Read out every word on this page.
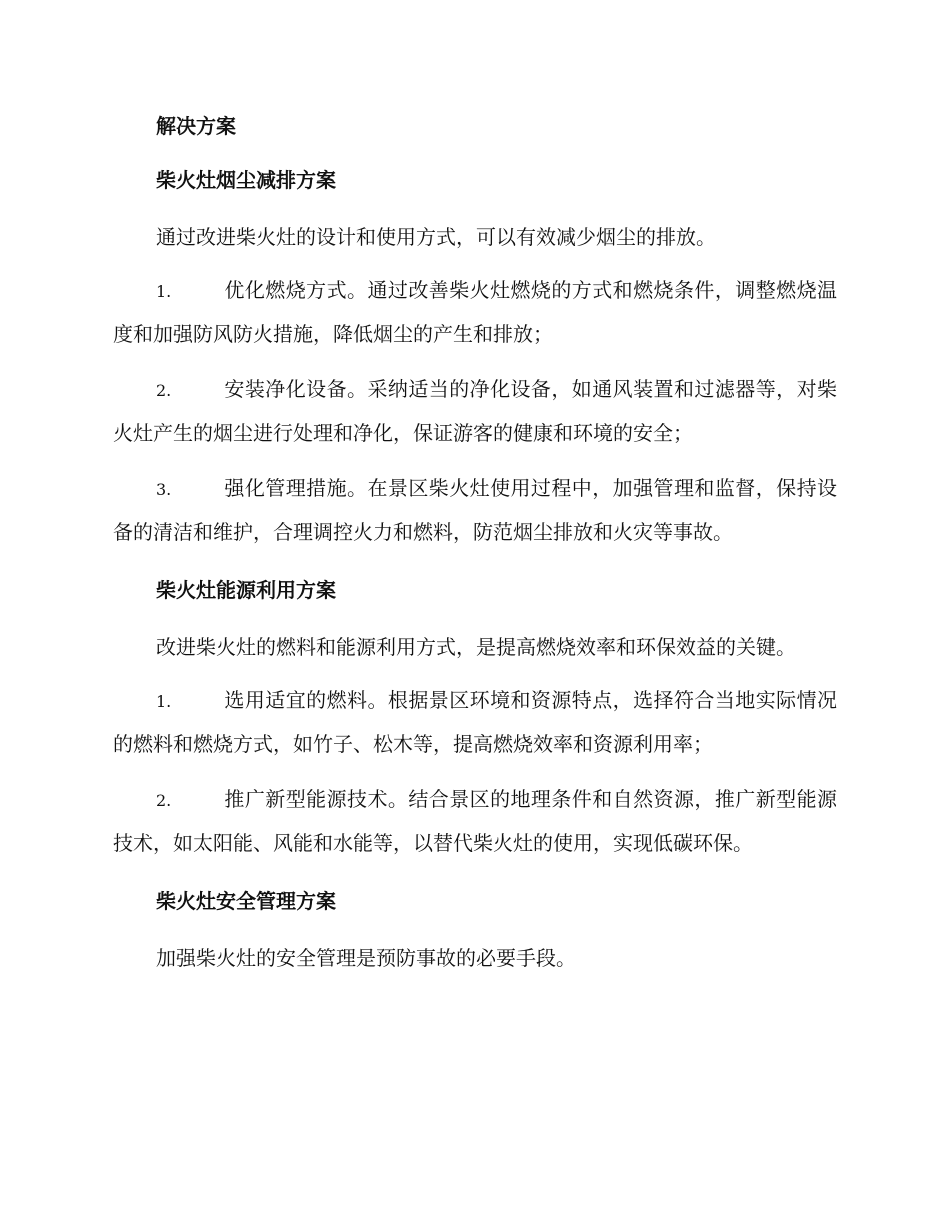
解决方案

柴火灶烟尘减排方案

通过改进柴火灶的设计和使用方式，可以有效减少烟尘的排放。

1.	优化燃烧方式。通过改善柴火灶燃烧的方式和燃烧条件，调整燃烧温度和加强防风防火措施，降低烟尘的产生和排放；

2.	安装净化设备。采纳适当的净化设备，如通风装置和过滤器等，对柴火灶产生的烟尘进行处理和净化，保证游客的健康和环境的安全；

3.	强化管理措施。在景区柴火灶使用过程中，加强管理和监督，保持设备的清洁和维护，合理调控火力和燃料，防范烟尘排放和火灾等事故。

柴火灶能源利用方案

改进柴火灶的燃料和能源利用方式，是提高燃烧效率和环保效益的关键。

1.	选用适宜的燃料。根据景区环境和资源特点，选择符合当地实际情况的燃料和燃烧方式，如竹子、松木等，提高燃烧效率和资源利用率；

2.	推广新型能源技术。结合景区的地理条件和自然资源，推广新型能源技术，如太阳能、风能和水能等，以替代柴火灶的使用，实现低碳环保。

柴火灶安全管理方案

加强柴火灶的安全管理是预防事故的必要手段。
